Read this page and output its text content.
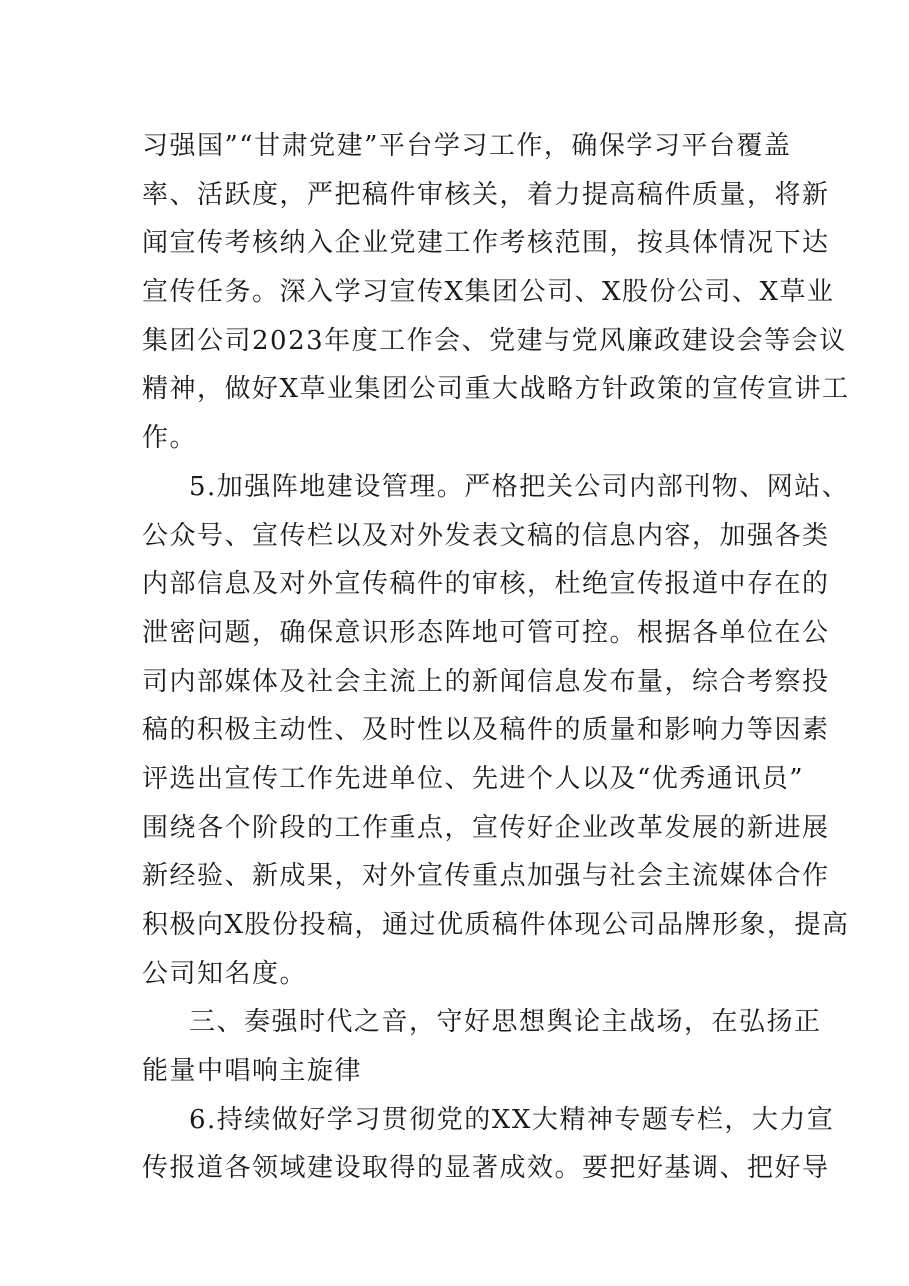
习强国”“甘肃党建”平台学习工作，确保学习平台覆盖
率、活跃度，严把稿件审核关，着力提高稿件质量，将新
闻宣传考核纳入企业党建工作考核范围，按具体情况下达
宣传任务。深入学习宣传X集团公司、X股份公司、X草业
集团公司2023年度工作会、党建与党风廉政建设会等会议
精神，做好X草业集团公司重大战略方针政策的宣传宣讲工
作。
5.加强阵地建设管理。严格把关公司内部刊物、网站、
公众号、宣传栏以及对外发表文稿的信息内容，加强各类
内部信息及对外宣传稿件的审核，杜绝宣传报道中存在的
泄密问题，确保意识形态阵地可管可控。根据各单位在公
司内部媒体及社会主流上的新闻信息发布量，综合考察投
稿的积极主动性、及时性以及稿件的质量和影响力等因素
评选出宣传工作先进单位、先进个人以及“优秀通讯员”
围绕各个阶段的工作重点，宣传好企业改革发展的新进展
新经验、新成果，对外宣传重点加强与社会主流媒体合作
积极向X股份投稿，通过优质稿件体现公司品牌形象，提高
公司知名度。
三、奏强时代之音，守好思想舆论主战场，在弘扬正
能量中唱响主旋律
6.持续做好学习贯彻党的XX大精神专题专栏，大力宣
传报道各领域建设取得的显著成效。要把好基调、把好导
